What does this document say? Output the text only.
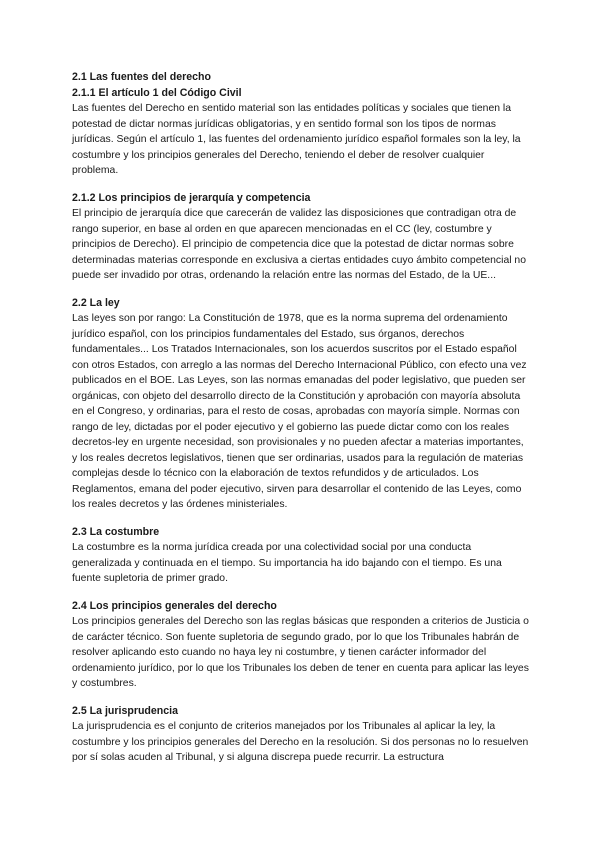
2.1 Las fuentes del derecho

2.1.1 El artículo 1 del Código Civil

Las fuentes del Derecho en sentido material son las entidades políticas y sociales que tienen la potestad de dictar normas jurídicas obligatorias, y en sentido formal son los tipos de normas jurídicas. Según el artículo 1, las fuentes del ordenamiento jurídico español formales son la ley, la costumbre y los principios generales del Derecho, teniendo el deber de resolver cualquier problema.

2.1.2 Los principios de jerarquía y competencia

El principio de jerarquía dice que carecerán de validez las disposiciones que contradigan otra de rango superior, en base al orden en que aparecen mencionadas en el CC (ley, costumbre y principios de Derecho). El principio de competencia dice que la potestad de dictar normas sobre determinadas materias corresponde en exclusiva a ciertas entidades cuyo ámbito competencial no puede ser invadido por otras, ordenando la relación entre las normas del Estado, de la UE...

2.2 La ley

Las leyes son por rango: La Constitución de 1978, que es la norma suprema del ordenamiento jurídico español, con los principios fundamentales del Estado, sus órganos, derechos fundamentales... Los Tratados Internacionales, son los acuerdos suscritos por el Estado español con otros Estados, con arreglo a las normas del Derecho Internacional Público, con efecto una vez publicados en el BOE. Las Leyes, son las normas emanadas del poder legislativo, que pueden ser orgánicas, con objeto del desarrollo directo de la Constitución y aprobación con mayoría absoluta en el Congreso, y ordinarias, para el resto de cosas, aprobadas con mayoría simple. Normas con rango de ley, dictadas por el poder ejecutivo y el gobierno las puede dictar como con los reales decretos-ley en urgente necesidad, son provisionales y no pueden afectar a materias importantes, y los reales decretos legislativos, tienen que ser ordinarias, usados para la regulación de materias complejas desde lo técnico con la elaboración de textos refundidos y de articulados. Los Reglamentos, emana del poder ejecutivo, sirven para desarrollar el contenido de las Leyes, como los reales decretos y las órdenes ministeriales.

2.3 La costumbre

La costumbre es la norma jurídica creada por una colectividad social por una conducta generalizada y continuada en el tiempo. Su importancia ha ido bajando con el tiempo. Es una fuente supletoria de primer grado.

2.4 Los principios generales del derecho

Los principios generales del Derecho son las reglas básicas que responden a criterios de Justicia o de carácter técnico. Son fuente supletoria de segundo grado, por lo que los Tribunales habrán de resolver aplicando esto cuando no haya ley ni costumbre, y tienen carácter informador del ordenamiento jurídico, por lo que los Tribunales los deben de tener en cuenta para aplicar las leyes y costumbres.

2.5 La jurisprudencia

La jurisprudencia es el conjunto de criterios manejados por los Tribunales al aplicar la ley, la costumbre y los principios generales del Derecho en la resolución. Si dos personas no lo resuelven por sí solas acuden al Tribunal, y si alguna discrepa puede recurrir. La estructura
